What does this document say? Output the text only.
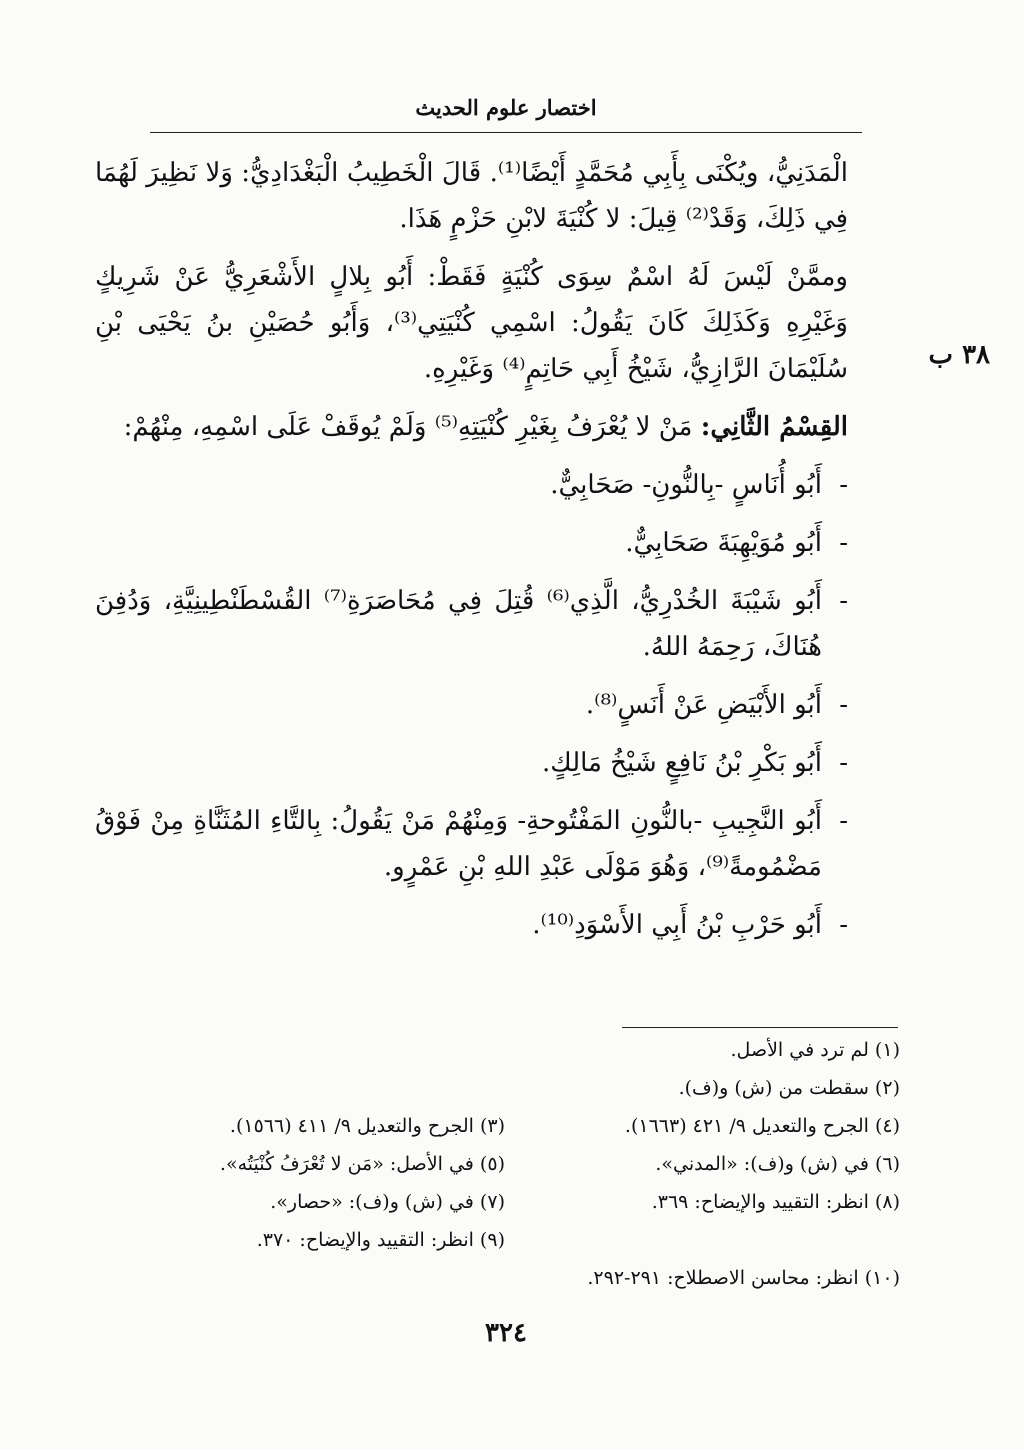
اختصار علوم الحديث
٣٨ ب

الْمَدَنِيُّ، ويُكْنَى بِأَبِي مُحَمَّدٍ أَيْضًا⁽¹⁾. قَالَ الْخَطِيبُ الْبَغْدَادِيُّ: وَلا نَظِيرَ لَهُمَا فِي ذَلِكَ، وَقَدْ⁽²⁾ قِيلَ: لا كُنْيَةَ لابْنِ حَزْمٍ هَذَا.

وممَّنْ لَيْسَ لَهُ اسْمٌ سِوَى كُنْيَةٍ فَقَطْ: أَبُو بِلالٍ الأَشْعَرِيُّ عَنْ شَرِيكٍ وَغَيْرِهِ وَكَذَلِكَ كَانَ يَقُولُ: اسْمِي كُنْيَتِي⁽³⁾، وَأَبُو حُصَيْنِ بنُ يَحْيَى بْنِ سُلَيْمَانَ الرَّازِيُّ، شَيْخُ أَبِي حَاتِمٍ⁽⁴⁾ وَغَيْرِهِ.

القِسْمُ الثَّانِي: مَنْ لا يُعْرَفُ بِغَيْرِ كُنْيَتِهِ⁽⁵⁾ وَلَمْ يُوقَفْ عَلَى اسْمِهِ، مِنْهُمْ:

-أَبُو أُنَاسٍ -بِالنُّونِ- صَحَابِيٌّ.
-أَبُو مُوَيْهِبَةَ صَحَابِيٌّ.
-أَبُو شَيْبَةَ الخُدْرِيُّ، الَّذِي⁽⁶⁾ قُتِلَ فِي مُحَاصَرَةِ⁽⁷⁾ القُسْطَنْطِينِيَّةِ، وَدُفِنَ هُنَاكَ، رَحِمَهُ اللهُ.
-أَبُو الأَبْيَضِ عَنْ أَنَسٍ⁽⁸⁾.
-أَبُو بَكْرِ بْنُ نَافِعٍ شَيْخُ مَالِكٍ.
-أَبُو النَّجِيبِ -بالنُّونِ المَفْتُوحةِ- وَمِنْهُمْ مَنْ يَقُولُ: بِالتَّاءِ المُثَنَّاةِ مِنْ فَوْقُ مَضْمُومةً⁽⁹⁾، وَهُوَ مَوْلَى عَبْدِ اللهِ بْنِ عَمْرٍو.
-أَبُو حَرْبِ بْنُ أَبِي الأَسْوَدِ⁽¹⁰⁾.
(١) لم ترد في الأصل.
(٢) سقطت من (ش) و(ف).
(٤) الجرح والتعديل ٩/ ٤٢١ (١٦٦٣).
(٣) الجرح والتعديل ٩/ ٤١١ (١٥٦٦).
(٦) في (ش) و(ف): «المدني».
(٥) في الأصل: «مَن لا تُعْرَفُ كُنْيَتُه».
(٨) انظر: التقييد والإيضاح: ٣٦٩.
(٧) في (ش) و(ف): «حصار».
(٩) انظر: التقييد والإيضاح: ٣٧٠.
(١٠) انظر: محاسن الاصطلاح: ٢٩١-٢٩٢.
٣٢٤
